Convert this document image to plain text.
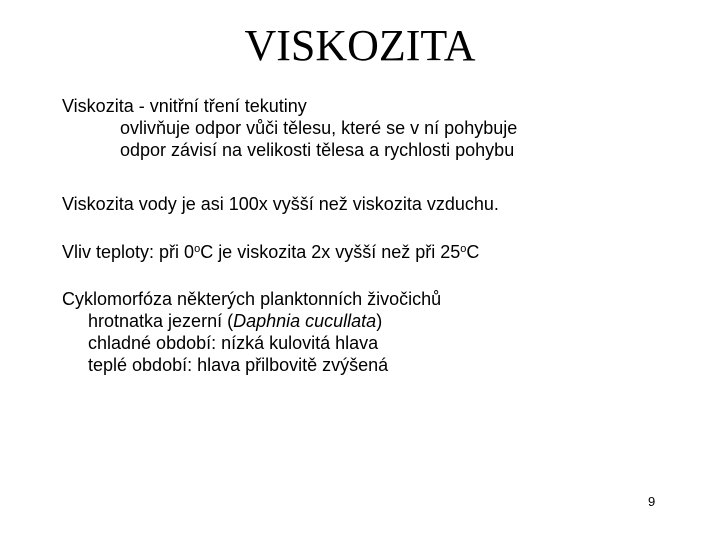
VISKOZITA
Viskozita - vnitřní tření tekutiny
ovlivňuje odpor vůči tělesu, které se v ní pohybuje
odpor závisí na velikosti tělesa a rychlosti pohybu
Viskozita vody je asi 100x vyšší než viskozita vzduchu.
Vliv teploty: při 0$^o$C je viskozita 2x vyšší než při 25$^o$C
Cyklomorfóza některých planktonních živočichů
hrotnatka jezerní (Daphnia cucullata)
chladné období: nízká kulovitá hlava
teplé období: hlava přilbovitě zvýšená
9
